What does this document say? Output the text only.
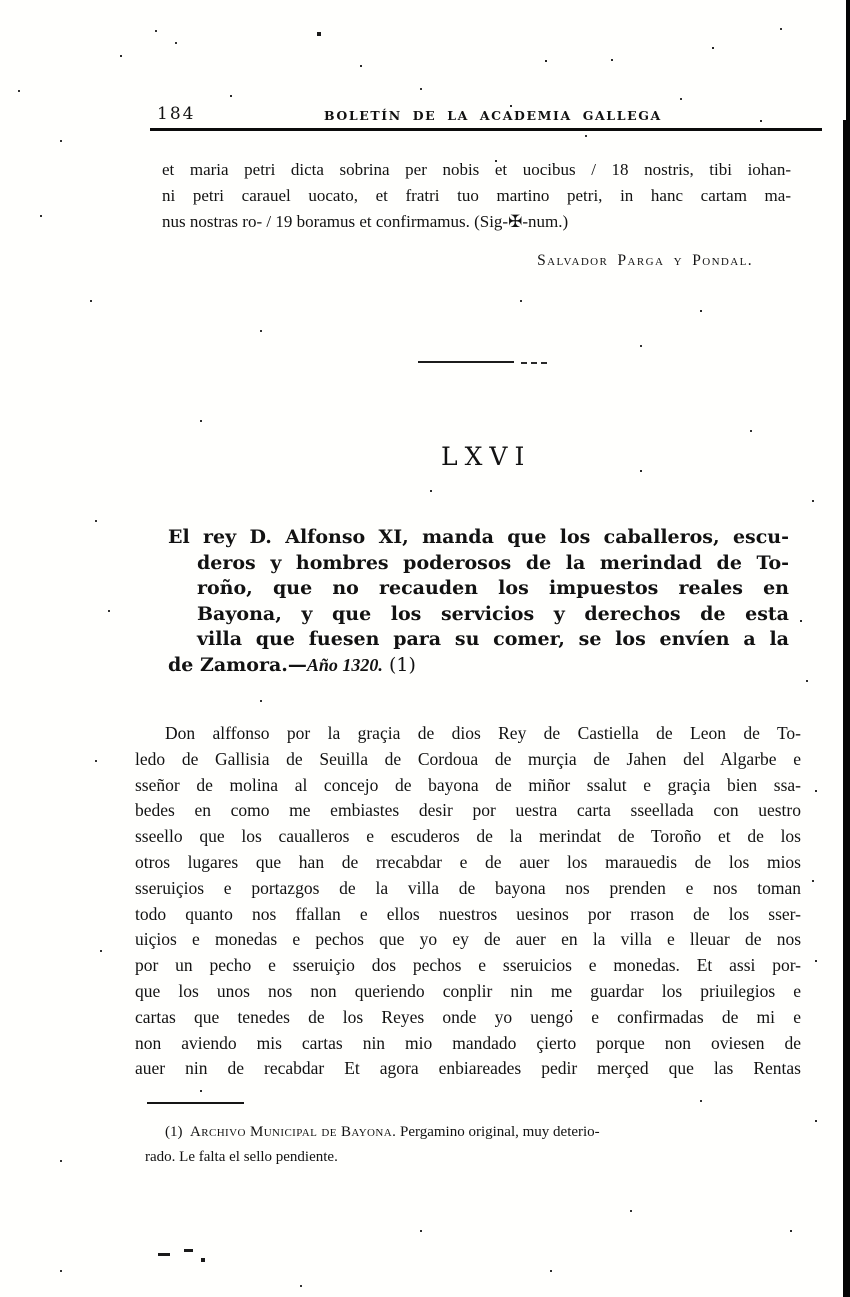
184	BOLETÍN DE LA ACADEMIA GALLEGA
et maria petri dicta sobrina per nobis et uocibus / 18 nostris, tibi iohan-
ni petri carauel uocato, et fratri tuo martino petri, in hanc cartam ma-
nus nostras ro- / 19 boramus et confirmamus. (Sig-✠-num.)
Salvador Parga y Pondal.
LXVI
El rey D. Alfonso XI, manda que los caballeros, escu-
deros y hombres poderosos de la merindad de To-
roño, que no recauden los impuestos reales en
Bayona, y que los servicios y derechos de esta
villa que fuesen para su comer, se los envíen a la
de Zamora.—Año 1320. (1)
Don alffonso por la graçia de dios Rey de Castiella de Leon de To-
ledo de Gallisia de Seuilla de Cordoua de murçia de Jahen del Algarbe e
sseñor de molina al concejo de bayona de miñor ssalut e graçia bien ssa-
bedes en como me embiastes desir por uestra carta sseellada con uestro
sseello que los caualleros e escuderos de la merindat de Toroño et de los
otros lugares que han de rrecabdar e de auer los marauedis de los mios
sseruiçios e portazgos de la villa de bayona nos prenden e nos toman
todo quanto nos ffallan e ellos nuestros uesinos por rrason de los sser-
uiçios e monedas e pechos que yo ey de auer en la villa e lleuar de nos
por un pecho e sseruiçio dos pechos e sseruicios e monedas. Et assi por-
que los unos nos non queriendo conplir nin me guardar los priuilegios e
cartas que tenedes de los Reyes onde yo uengo e confirmadas de mi e
non aviendo mis cartas nin mio mandado çierto porque non oviesen de
auer nin de recabdar Et agora enbiareades pedir merçed que las Rentas
(1) Archivo Municipal de Bayona. Pergamino original, muy deterio-
rado. Le falta el sello pendiente.
